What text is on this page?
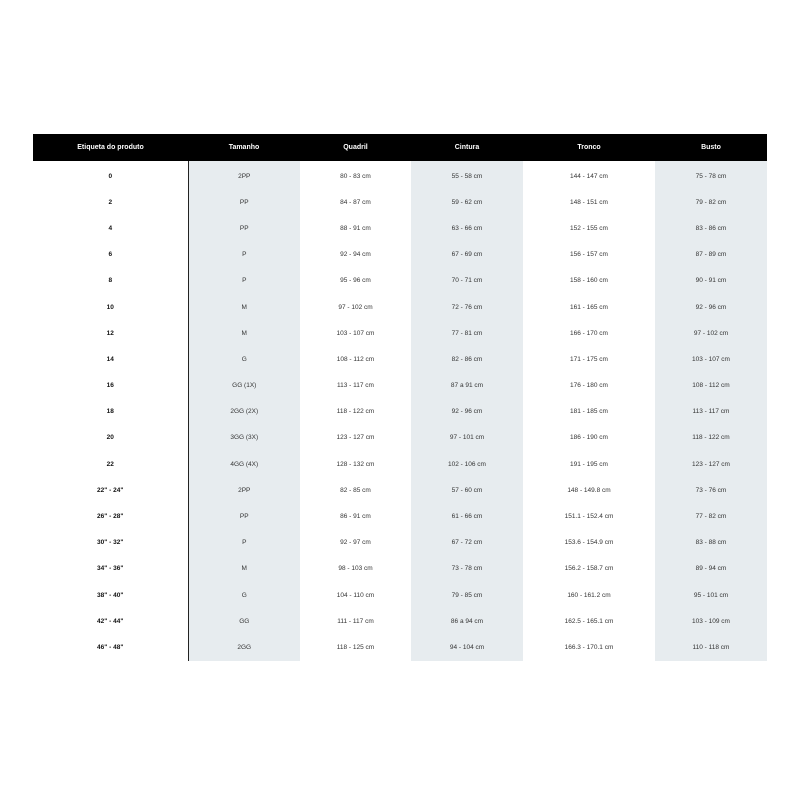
Etiqueta do produto	Tamanho	Quadril	Cintura	Tronco	Busto
0	2PP	80 - 83 cm	55 - 58 cm	144 - 147 cm	75 - 78 cm
2	PP	84 - 87 cm	59 - 62 cm	148 - 151 cm	79 - 82 cm
4	PP	88 - 91 cm	63 - 66 cm	152 - 155 cm	83 - 86 cm
6	P	92 - 94 cm	67 - 69 cm	156 - 157 cm	87 - 89 cm
8	P	95 - 96 cm	70 - 71 cm	158 - 160 cm	90 - 91 cm
10	M	97 - 102 cm	72 - 76 cm	161 - 165 cm	92 - 96 cm
12	M	103 - 107 cm	77 - 81 cm	166 - 170 cm	97 - 102 cm
14	G	108 - 112 cm	82 - 86 cm	171 - 175 cm	103 - 107 cm
16	GG (1X)	113 - 117 cm	87 a 91 cm	176 - 180 cm	108 - 112 cm
18	2GG (2X)	118 - 122 cm	92 - 96 cm	181 - 185 cm	113 - 117 cm
20	3GG (3X)	123 - 127 cm	97 - 101 cm	186 - 190 cm	118 - 122 cm
22	4GG (4X)	128 - 132 cm	102 - 106 cm	191 - 195 cm	123 - 127 cm
22" - 24"	2PP	82 - 85 cm	57 - 60 cm	148 - 149.8 cm	73 - 76 cm
26" - 28"	PP	86 - 91 cm	61 - 66 cm	151.1 - 152.4 cm	77 - 82 cm
30" - 32"	P	92 - 97 cm	67 - 72 cm	153.6 - 154.9 cm	83 - 88 cm
34" - 36"	M	98 - 103 cm	73 - 78 cm	156.2 - 158.7 cm	89 - 94 cm
38" - 40"	G	104 - 110 cm	79 - 85 cm	160 - 161.2 cm	95 - 101 cm
42" - 44"	GG	111 - 117 cm	86 a 94 cm	162.5 - 165.1 cm	103 - 109 cm
46" - 48"	2GG	118 - 125 cm	94 - 104 cm	166.3 - 170.1 cm	110 - 118 cm
